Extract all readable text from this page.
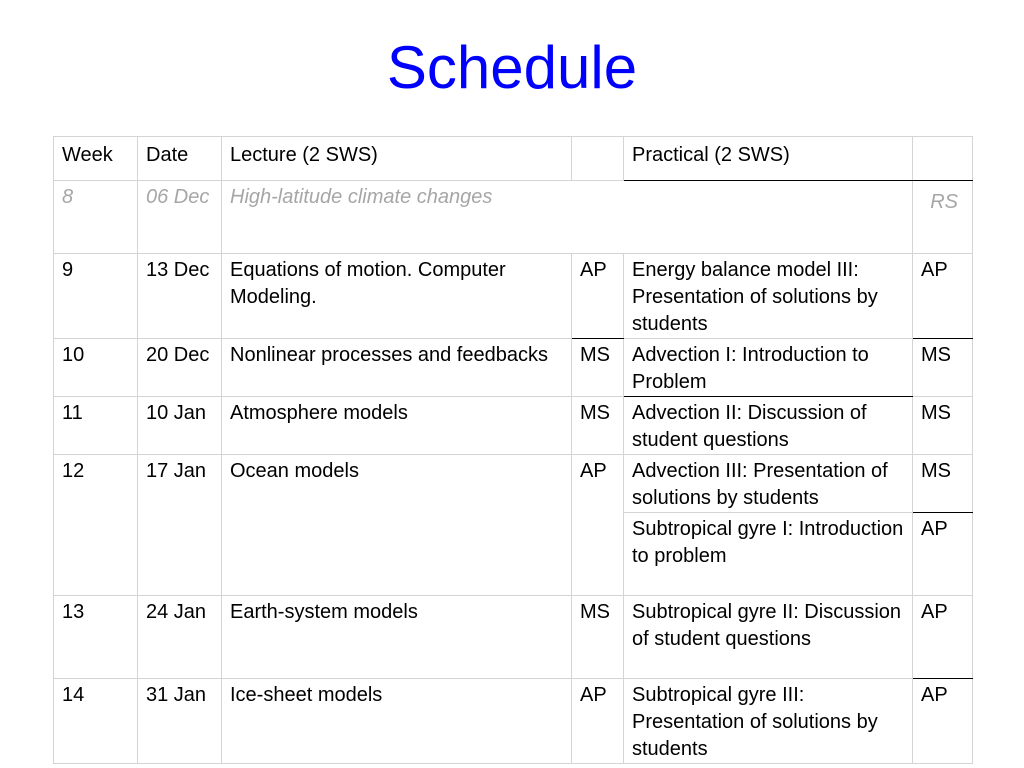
Schedule
Week	Date	Lecture (2 SWS)		Practical (2 SWS)	
8	06 Dec	High-latitude climate changes			RS
9	13 Dec	Equations of motion. Computer Modeling.	AP	Energy balance model III: Presentation of solutions by students	AP
10	20 Dec	Nonlinear processes and feedbacks	MS	Advection I: Introduction to Problem	MS
11	10 Jan	Atmosphere models	MS	Advection II: Discussion of student questions	MS
12	17 Jan	Ocean models	AP	Advection III: Presentation of solutions by students	MS
				Subtropical gyre I: Introduction to problem	AP
13	24 Jan	Earth-system models	MS	Subtropical gyre II: Discussion of student questions	AP
14	31 Jan	Ice-sheet models	AP	Subtropical gyre III: Presentation of solutions by students	AP
